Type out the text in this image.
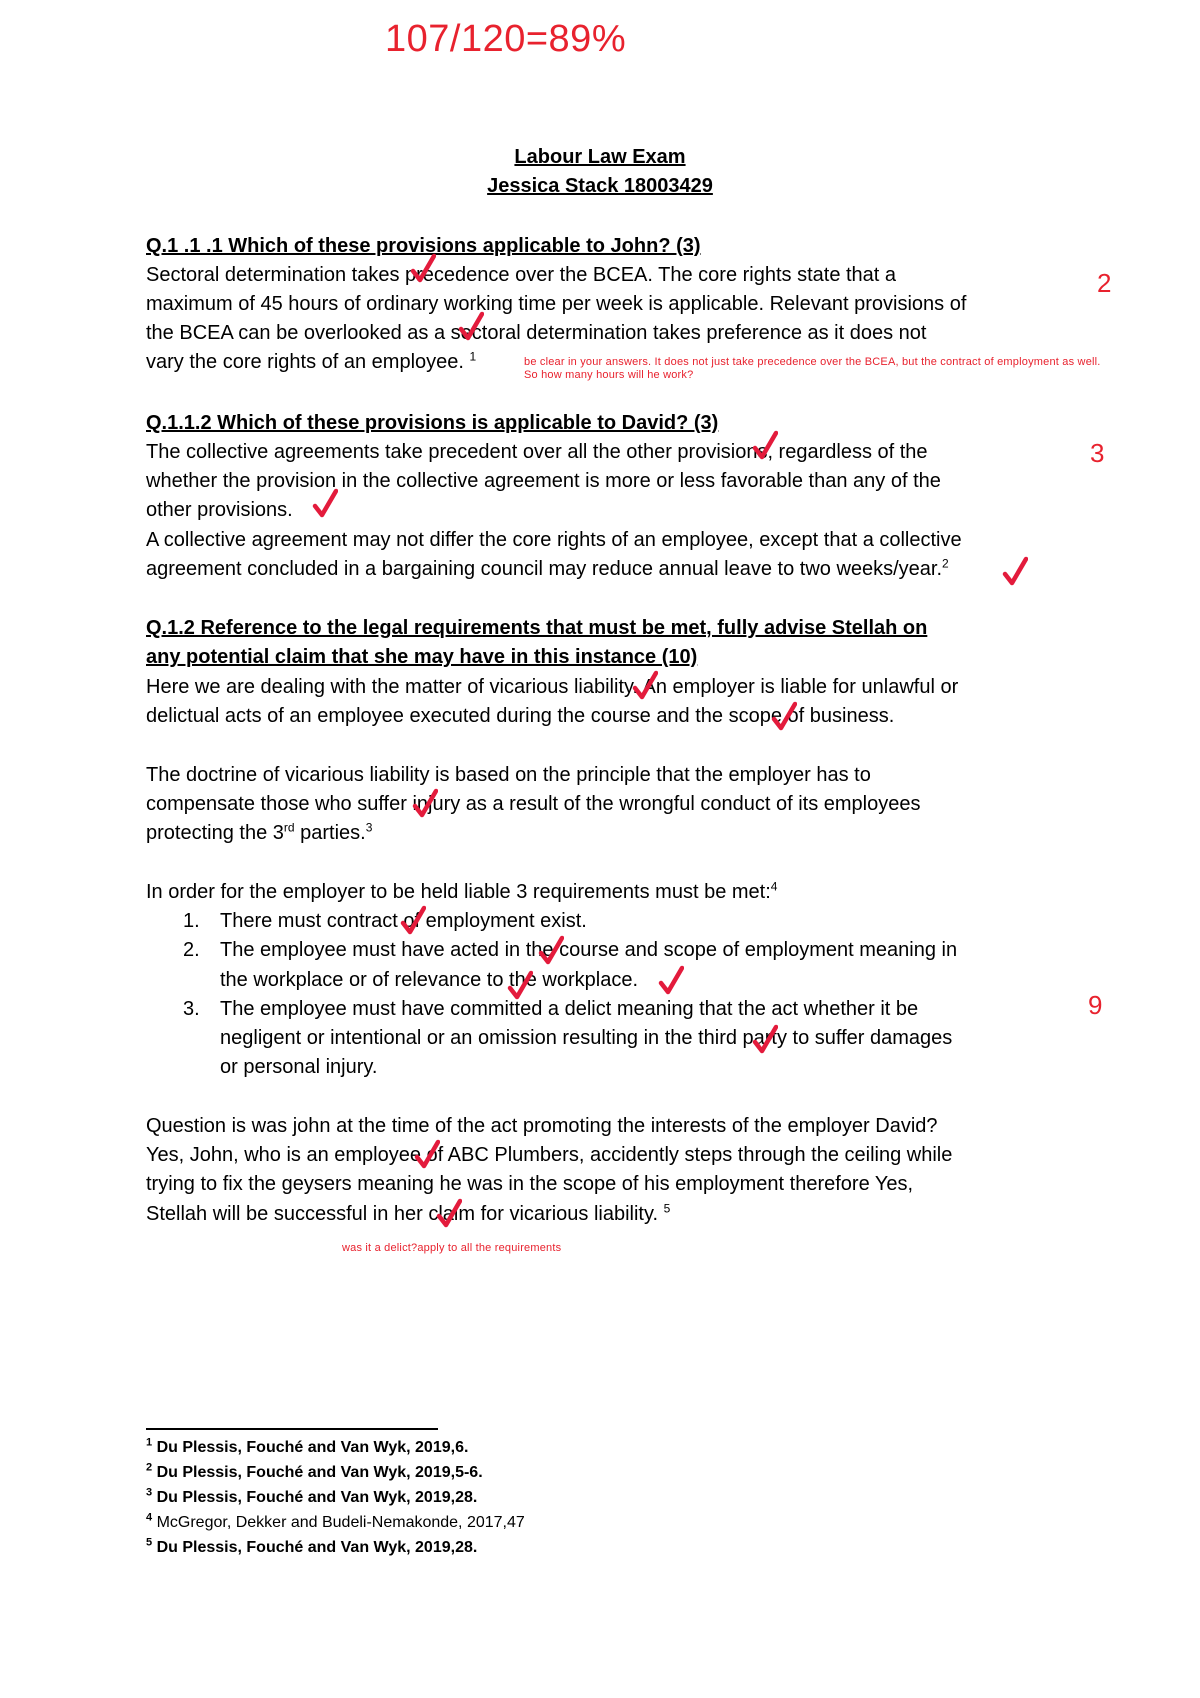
107/120=89%
Labour Law Exam
Jessica Stack 18003429
Q.1 .1 .1 Which of these provisions applicable to John? (3)
Sectoral determination takes precedence over the BCEA. The core rights state that a
maximum of 45 hours of ordinary working time per week is applicable. Relevant provisions of
the BCEA can be overlooked as a sectoral determination takes preference as it does not
vary the core rights of an employee. $^1$
2
be clear in your answers. It does not just take precedence over the BCEA, but the contract of employment as well.
So how many hours will he work?
Q.1.1.2 Which of these provisions is applicable to David? (3)
The collective agreements take precedent over all the other provisions, regardless of the
whether the provision in the collective agreement is more or less favorable than any of the
other provisions.
A collective agreement may not differ the core rights of an employee, except that a collective
agreement concluded in a bargaining council may reduce annual leave to two weeks/year.$^2$
3
Q.1.2 Reference to the legal requirements that must be met, fully advise Stellah on
any potential claim that she may have in this instance (10)
Here we are dealing with the matter of vicarious liability. An employer is liable for unlawful or
delictual acts of an employee executed during the course and the scope of business.
The doctrine of vicarious liability is based on the principle that the employer has to
compensate those who suffer injury as a result of the wrongful conduct of its employees
protecting the 3rd parties.$^3$
In order for the employer to be held liable 3 requirements must be met:$^4$
1. There must contract of employment exist.
2. The employee must have acted in the course and scope of employment meaning in
the workplace or of relevance to the workplace.
3. The employee must have committed a delict meaning that the act whether it be
negligent or intentional or an omission resulting in the third party to suffer damages
or personal injury.
9
Question is was john at the time of the act promoting the interests of the employer David?
Yes, John, who is an employee of ABC Plumbers, accidently steps through the ceiling while
trying to fix the geysers meaning he was in the scope of his employment therefore Yes,
Stellah will be successful in her claim for vicarious liability. $^5$
was it a delict?apply to all the requirements
$^1$ Du Plessis, Fouché and Van Wyk, 2019,6.
$^2$ Du Plessis, Fouché and Van Wyk, 2019,5-6.
$^3$ Du Plessis, Fouché and Van Wyk, 2019,28.
$^4$ McGregor, Dekker and Budeli-Nemakonde, 2017,47
$^5$ Du Plessis, Fouché and Van Wyk, 2019,28.
